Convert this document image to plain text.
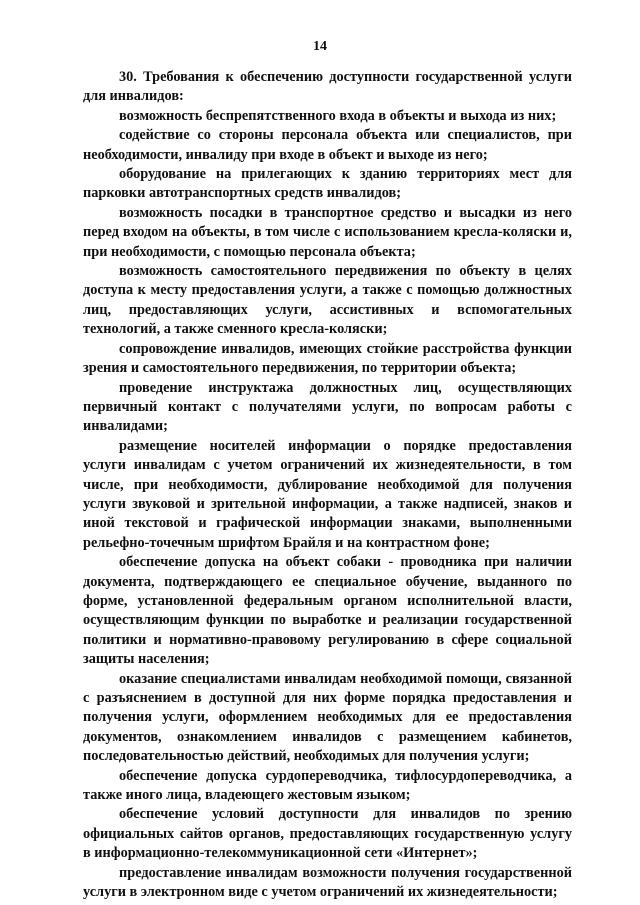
14

30. Требования к обеспечению доступности государственной услуги для инвалидов:

возможность беспрепятственного входа в объекты и выхода из них;

содействие со стороны персонала объекта или специалистов, при необходимости, инвалиду при входе в объект и выходе из него;

оборудование на прилегающих к зданию территориях мест для парковки автотранспортных средств инвалидов;

возможность посадки в транспортное средство и высадки из него перед входом на объекты, в том числе с использованием кресла-коляски и, при необходимости, с помощью персонала объекта;

возможность самостоятельного передвижения по объекту в целях доступа к месту предоставления услуги, а также с помощью должностных лиц, предоставляющих услуги, ассистивных и вспомогательных технологий, а также сменного кресла-коляски;

сопровождение инвалидов, имеющих стойкие расстройства функции зрения и самостоятельного передвижения, по территории объекта;

проведение инструктажа должностных лиц, осуществляющих первичный контакт с получателями услуги, по вопросам работы с инвалидами;

размещение носителей информации о порядке предоставления услуги инвалидам с учетом ограничений их жизнедеятельности, в том числе, при необходимости, дублирование необходимой для получения услуги звуковой и зрительной информации, а также надписей, знаков и иной текстовой и графической информации знаками, выполненными рельефно-точечным шрифтом Брайля и на контрастном фоне;

обеспечение допуска на объект собаки - проводника при наличии документа, подтверждающего ее специальное обучение, выданного по форме, установленной федеральным органом исполнительной власти, осуществляющим функции по выработке и реализации государственной политики и нормативно-правовому регулированию в сфере социальной защиты населения;

оказание специалистами инвалидам необходимой помощи, связанной с разъяснением в доступной для них форме порядка предоставления и получения услуги, оформлением необходимых для ее предоставления документов, ознакомлением инвалидов с размещением кабинетов, последовательностью действий, необходимых для получения услуги;

обеспечение допуска сурдопереводчика, тифлосурдопереводчика, а также иного лица, владеющего жестовым языком;

обеспечение условий доступности для инвалидов по зрению официальных сайтов органов, предоставляющих государственную услугу в информационно-телекоммуникационной сети «Интернет»;

предоставление инвалидам возможности получения государственной услуги в электронном виде с учетом ограничений их жизнедеятельности;
